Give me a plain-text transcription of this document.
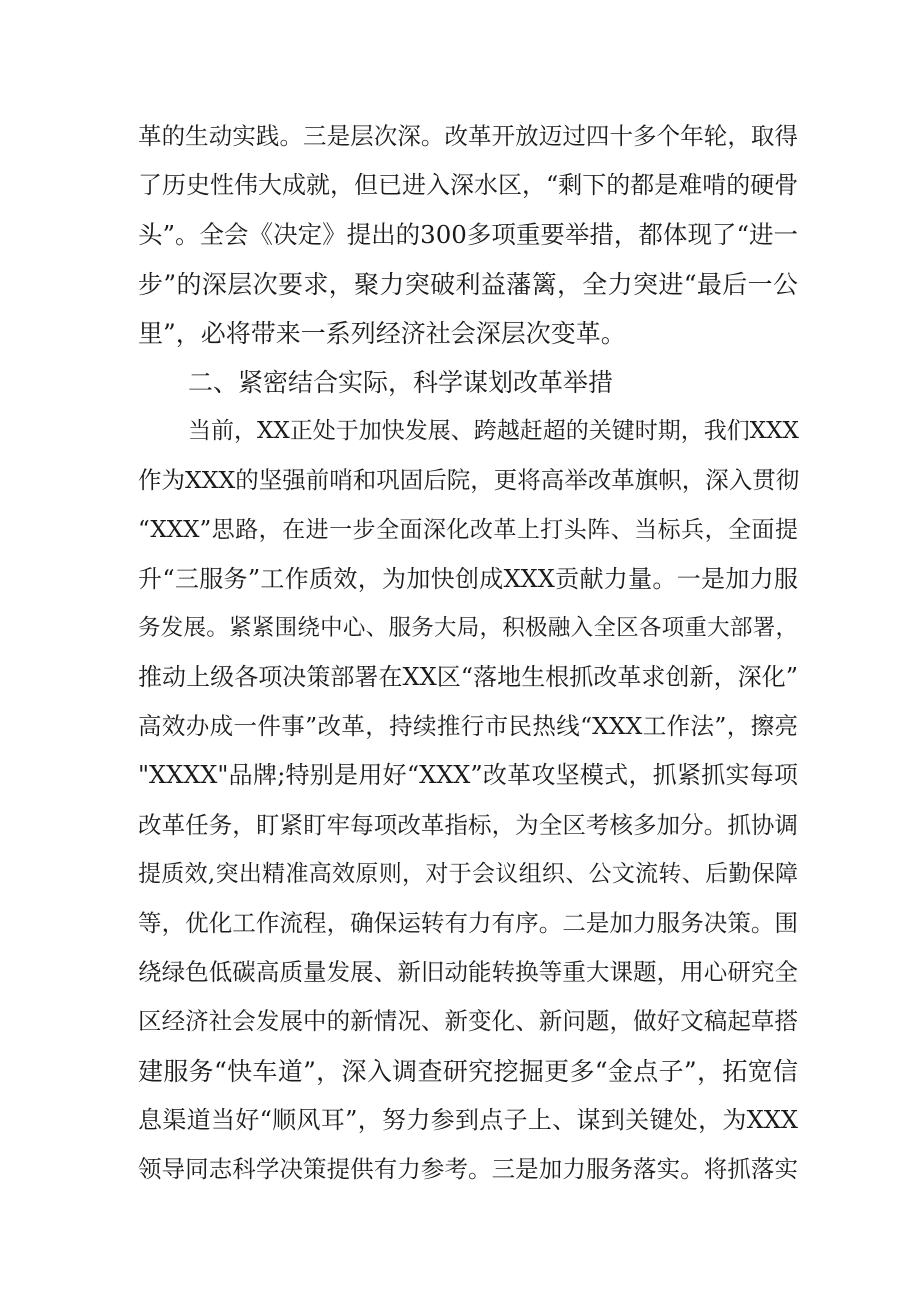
革的生动实践。三是层次深。改革开放迈过四十多个年轮，取得
了历史性伟大成就，但已进入深水区，“剩下的都是难啃的硬骨
头”。全会《决定》提出的300多项重要举措，都体现了“进一
步”的深层次要求，聚力突破利益藩篱，全力突进“最后一公
里”，必将带来一系列经济社会深层次变革。
二、紧密结合实际，科学谋划改革举措
当前，XX正处于加快发展、跨越赶超的关键时期，我们XXX
作为XXX的坚强前哨和巩固后院，更将高举改革旗帜，深入贯彻
“XXX”思路，在进一步全面深化改革上打头阵、当标兵，全面提
升“三服务”工作质效，为加快创成XXX贡献力量。一是加力服
务发展。紧紧围绕中心、服务大局，积极融入全区各项重大部署，
推动上级各项决策部署在XX区“落地生根抓改革求创新，深化”
高效办成一件事”改革，持续推行市民热线“XXX工作法”，擦亮
"XXXX"品牌;特别是用好“XXX”改革攻坚模式，抓紧抓实每项
改革任务，盯紧盯牢每项改革指标，为全区考核多加分。抓协调
提质效,突出精准高效原则，对于会议组织、公文流转、后勤保障
等，优化工作流程，确保运转有力有序。二是加力服务决策。围
绕绿色低碳高质量发展、新旧动能转换等重大课题，用心研究全
区经济社会发展中的新情况、新变化、新问题，做好文稿起草搭
建服务“快车道”，深入调查研究挖掘更多“金点子”，拓宽信
息渠道当好“顺风耳”，努力参到点子上、谋到关键处，为XXX
领导同志科学决策提供有力参考。三是加力服务落实。将抓落实
